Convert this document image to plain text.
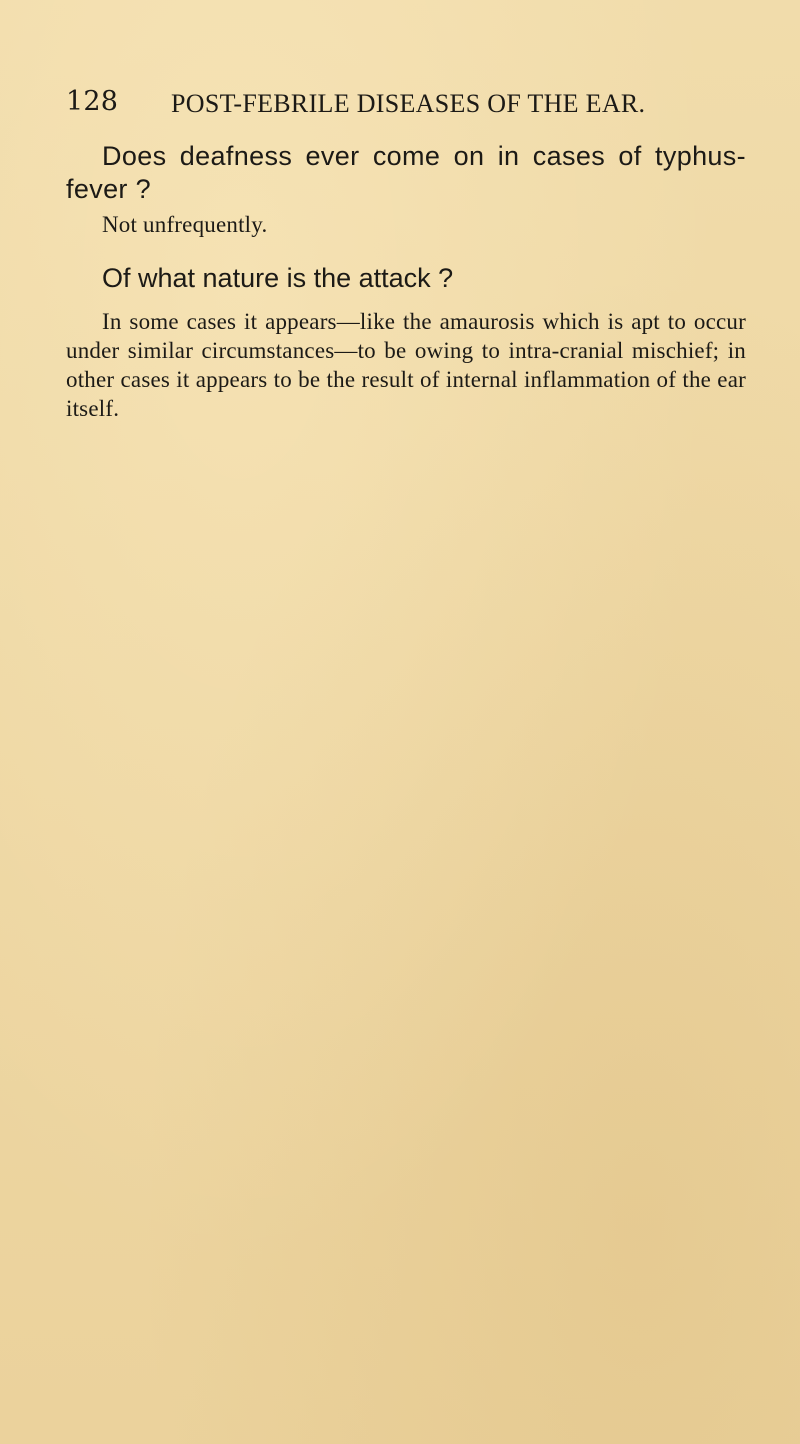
128 POST-FEBRILE DISEASES OF THE EAR.

Does deafness ever come on in cases of typhus-fever ?

Not unfrequently.

Of what nature is the attack ?

In some cases it appears—like the amaurosis which is apt to occur under similar circumstances—to be owing to intra-cranial mischief; in other cases it appears to be the result of internal inflammation of the ear itself.
